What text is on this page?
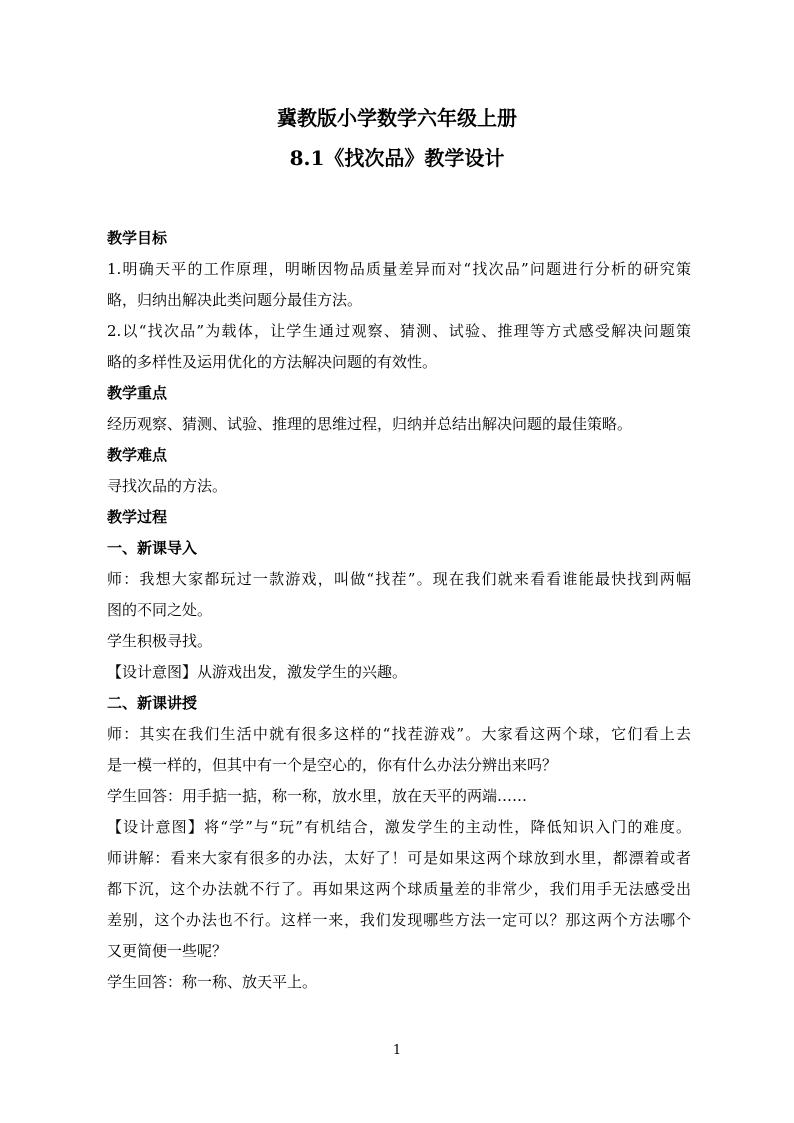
冀教版小学数学六年级上册
8.1《找次品》教学设计
教学目标
1.明确天平的工作原理，明晰因物品质量差异而对“找次品”问题进行分析的研究策
略，归纳出解决此类问题分最佳方法。
2.以“找次品”为载体，让学生通过观察、猜测、试验、推理等方式感受解决问题策
略的多样性及运用优化的方法解决问题的有效性。
教学重点
经历观察、猜测、试验、推理的思维过程，归纳并总结出解决问题的最佳策略。
教学难点
寻找次品的方法。
教学过程
一、新课导入
师：我想大家都玩过一款游戏，叫做“找茬”。现在我们就来看看谁能最快找到两幅
图的不同之处。
学生积极寻找。
【设计意图】从游戏出发，激发学生的兴趣。
二、新课讲授
师：其实在我们生活中就有很多这样的“找茬游戏”。大家看这两个球，它们看上去
是一模一样的，但其中有一个是空心的，你有什么办法分辨出来吗？
学生回答：用手掂一掂，称一称，放水里，放在天平的两端……
【设计意图】将“学”与“玩”有机结合，激发学生的主动性，降低知识入门的难度。
师讲解：看来大家有很多的办法，太好了！可是如果这两个球放到水里，都漂着或者
都下沉，这个办法就不行了。再如果这两个球质量差的非常少，我们用手无法感受出
差别，这个办法也不行。这样一来，我们发现哪些方法一定可以？那这两个方法哪个
又更简便一些呢？
学生回答：称一称、放天平上。
1
